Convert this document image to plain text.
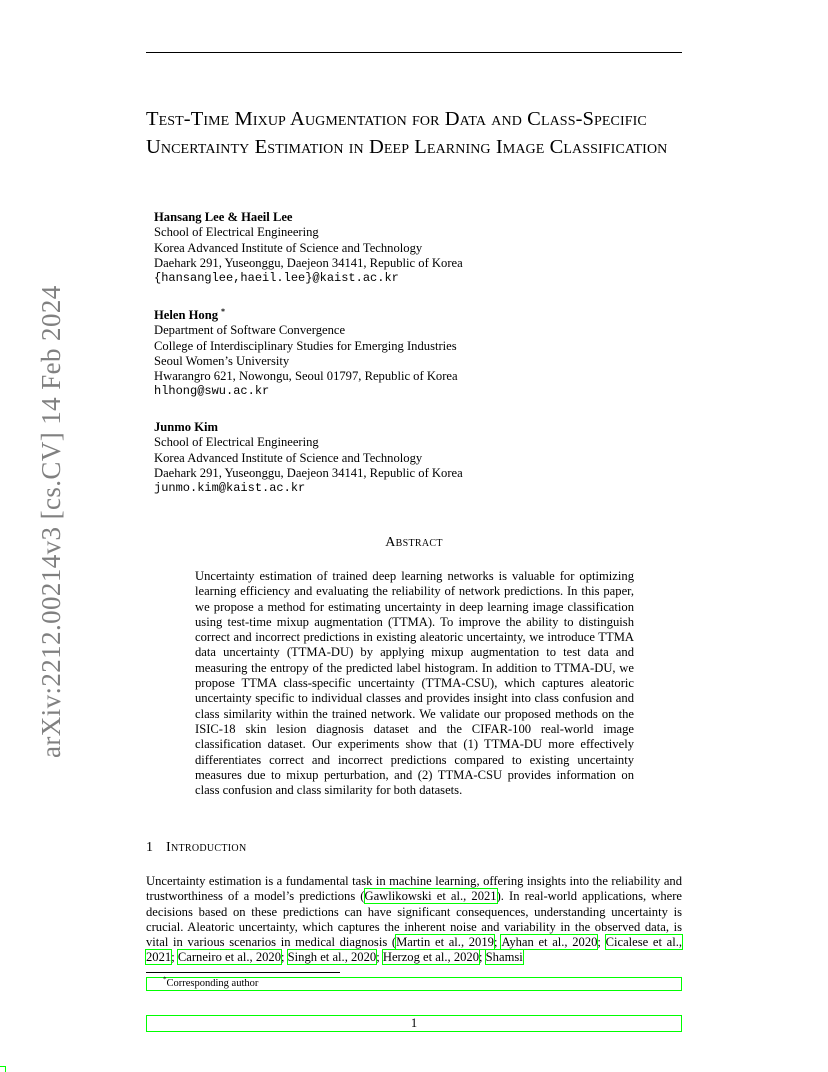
Test-Time Mixup Augmentation for Data and Class-Specific Uncertainty Estimation in Deep Learning Image Classification
Hansang Lee & Haeil Lee
School of Electrical Engineering
Korea Advanced Institute of Science and Technology
Daehark 291, Yuseonggu, Daejeon 34141, Republic of Korea
{hansanglee,haeil.lee}@kaist.ac.kr
Helen Hong *
Department of Software Convergence
College of Interdisciplinary Studies for Emerging Industries
Seoul Women’s University
Hwarangro 621, Nowongu, Seoul 01797, Republic of Korea
hlhong@swu.ac.kr
Junmo Kim
School of Electrical Engineering
Korea Advanced Institute of Science and Technology
Daehark 291, Yuseonggu, Daejeon 34141, Republic of Korea
junmo.kim@kaist.ac.kr
arXiv:2212.00214v3 [cs.CV] 14 Feb 2024	Abstract
Uncertainty estimation of trained deep learning networks is valuable for optimizing learning efficiency and evaluating the reliability of network predictions. In this paper, we propose a method for estimating uncertainty in deep learning image classification using test-time mixup augmentation (TTMA). To improve the ability to distinguish correct and incorrect predictions in existing aleatoric uncertainty, we introduce TTMA data uncertainty (TTMA-DU) by applying mixup augmentation to test data and measuring the entropy of the predicted label histogram. In addition to TTMA-DU, we propose TTMA class-specific uncertainty (TTMA-CSU), which captures aleatoric uncertainty specific to individual classes and provides insight into class confusion and class similarity within the trained network. We validate our proposed methods on the ISIC-18 skin lesion diagnosis dataset and the CIFAR-100 real-world image classification dataset. Our experiments show that (1) TTMA-DU more effectively differentiates correct and incorrect predictions compared to existing uncertainty measures due to mixup perturbation, and (2) TTMA-CSU provides information on class confusion and class similarity for both datasets.
1 Introduction
Uncertainty estimation is a fundamental task in machine learning, offering insights into the reliability and trustworthiness of a model’s predictions (Gawlikowski et al., 2021). In real-world applications, where decisions based on these predictions can have significant consequences, understanding uncertainty is crucial. Aleatoric uncertainty, which captures the inherent noise and variability in the observed data, is vital in various scenarios in medical diagnosis (Martin et al., 2019; Ayhan et al., 2020; Cicalese et al., 2021; Carneiro et al., 2020; Singh et al., 2020; Herzog et al., 2020; Shamsi
*Corresponding author
1
